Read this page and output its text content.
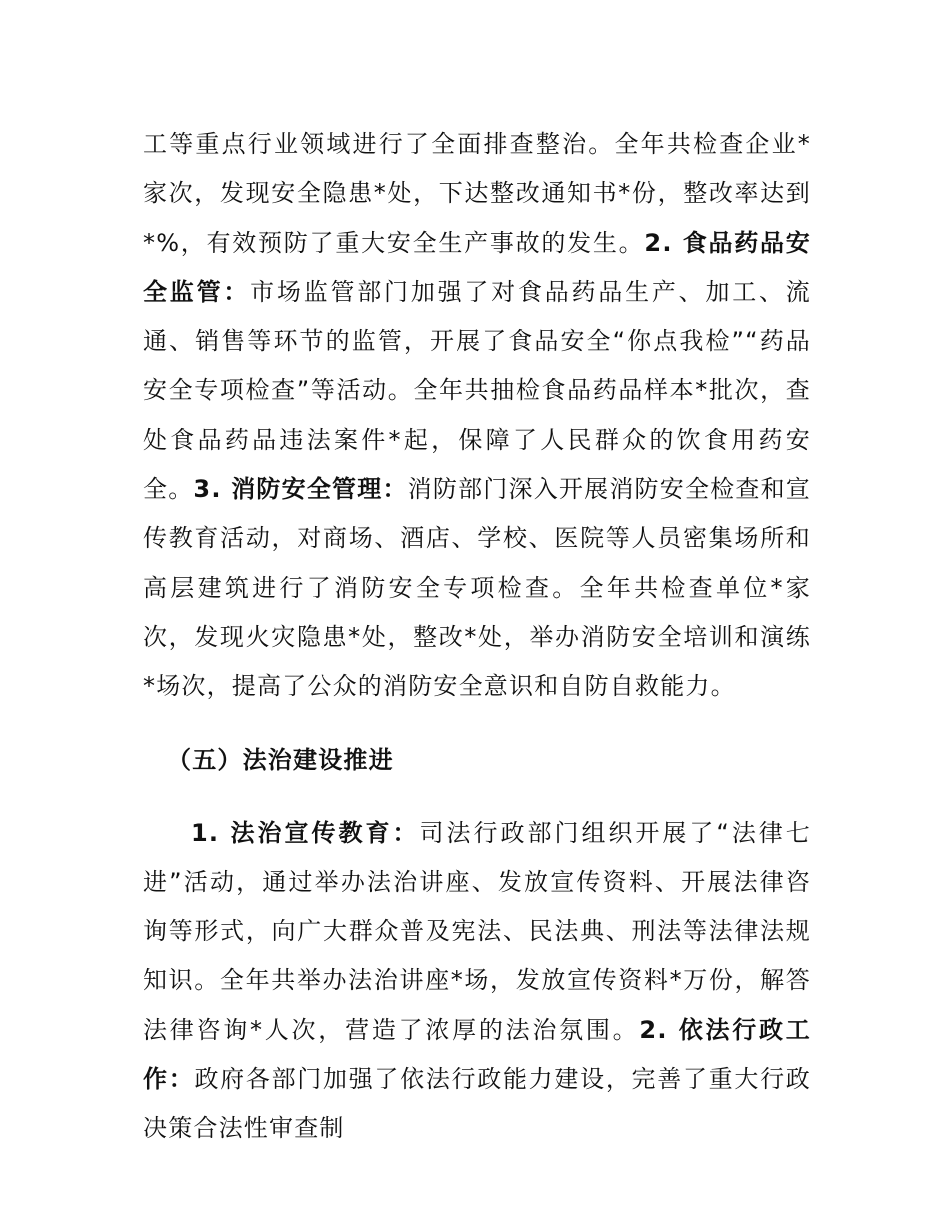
工等重点行业领域进行了全面排查整治。全年共检查企业*家次，发现安全隐患*处，下达整改通知书*份，整改率达到*%，有效预防了重大安全生产事故的发生。2. 食品药品安全监管：市场监管部门加强了对食品药品生产、加工、流通、销售等环节的监管，开展了食品安全“你点我检”“药品安全专项检查”等活动。全年共抽检食品药品样本*批次，查处食品药品违法案件*起，保障了人民群众的饮食用药安全。3. 消防安全管理：消防部门深入开展消防安全检查和宣传教育活动，对商场、酒店、学校、医院等人员密集场所和高层建筑进行了消防安全专项检查。全年共检查单位*家次，发现火灾隐患*处，整改*处，举办消防安全培训和演练*场次，提高了公众的消防安全意识和自防自救能力。

（五）法治建设推进

1. 法治宣传教育：司法行政部门组织开展了“法律七进”活动，通过举办法治讲座、发放宣传资料、开展法律咨询等形式，向广大群众普及宪法、民法典、刑法等法律法规知识。全年共举办法治讲座*场，发放宣传资料*万份，解答法律咨询*人次，营造了浓厚的法治氛围。2. 依法行政工作：政府各部门加强了依法行政能力建设，完善了重大行政决策合法性审查制
